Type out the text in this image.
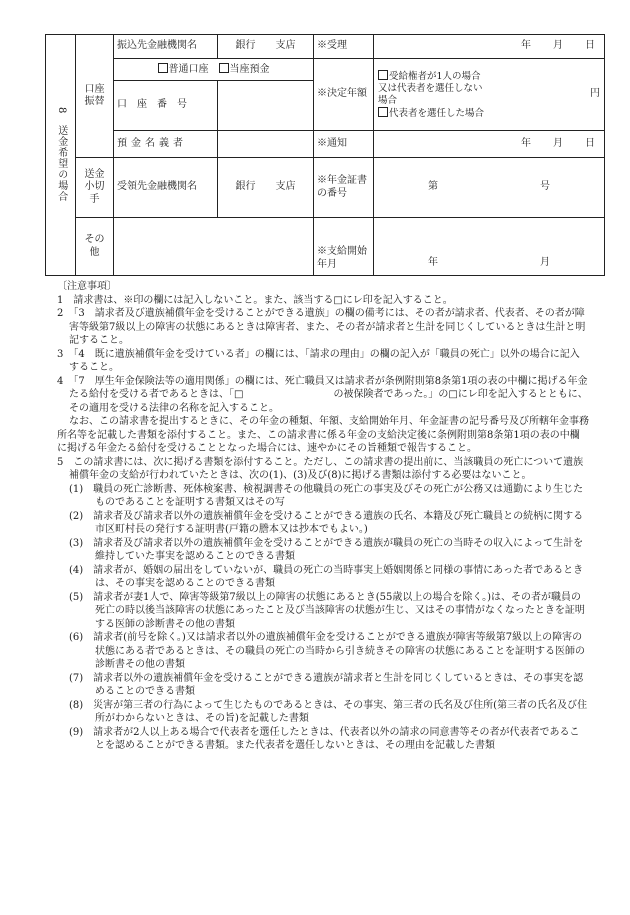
8　送金希望の場合	口座振替	振込先金融機関名	銀行　　支店	※受理	年 月 日

		普通口座　 当座預金		※決定年額	受給権者が1人の場合又は代表者を選任しない場合
代表者を選任した場合
円

		口　座　番　号			
		預金名義者		※通知	年 月 日

	送金小切手	受領先金融機関名	銀行　　支店	※年金証書の番号	第 号

	その他			※支給開始年月	年 月

〔注意事項〕

1　請求書は、※印の欄には記入しないこと。また、該当する□にレ印を記入すること。

2　「3　請求者及び遺族補償年金を受けることができる遺族」の欄の備考には、その者が請求者、代表者、その者が障害等級第7級以上の障害の状態にあるときは障害者、また、その者が請求者と生計を同じくしているときは生計と明記すること。

3　「4　既に遺族補償年金を受けている者」の欄には、「請求の理由」の欄の記入が「職員の死亡」以外の場合に記入すること。

4　「7　厚生年金保険法等の適用関係」の欄には、死亡職員又は請求者が条例附則第8条第1項の表の中欄に掲げる年金たる給付を受ける者であるときは、「□　　　　　　　　　の被保険者であった。」の□にレ印を記入するとともに、その適用を受ける法律の名称を記入すること。

なお、この請求書を提出するときに、その年金の種類、年額、支給開始年月、年金証書の記号番号及び所轄年金事務所名等を記載した書類を添付すること。また、この請求書に係る年金の支給決定後に条例附則第8条第1項の表の中欄に掲げる年金たる給付を受けることとなった場合には、速やかにその旨種類で報告すること。

5　この請求書には、次に掲げる書類を添付すること。ただし、この請求書の提出前に、当該職員の死亡について遺族補償年金の支給が行われていたときは、次の(1)、(3)及び(8)に掲げる書類は添付する必要はないこと。

(1)　職員の死亡診断書、死体検案書、検視調書その他職員の死亡の事実及びその死亡が公務又は通勤により生じたものであることを証明する書類又はその写

(2)　請求者及び請求者以外の遺族補償年金を受けることができる遺族の氏名、本籍及び死亡職員との続柄に関する市区町村長の発行する証明書(戸籍の謄本又は抄本でもよい。)

(3)　請求者及び請求者以外の遺族補償年金を受けることができる遺族が職員の死亡の当時その収入によって生計を維持していた事実を認めることのできる書類

(4)　請求者が、婚姻の届出をしていないが、職員の死亡の当時事実上婚姻関係と同様の事情にあった者であるときは、その事実を認めることのできる書類

(5)　請求者が妻1人で、障害等級第7級以上の障害の状態にあるとき(55歳以上の場合を除く。)は、その者が職員の死亡の時以後当該障害の状態にあったこと及び当該障害の状態が生じ、又はその事情がなくなったときを証明する医師の診断書その他の書類

(6)　請求者(前号を除く。)又は請求者以外の遺族補償年金を受けることができる遺族が障害等級第7級以上の障害の状態にある者であるときは、その職員の死亡の当時から引き続きその障害の状態にあることを証明する医師の診断書その他の書類

(7)　請求者以外の遺族補償年金を受けることができる遺族が請求者と生計を同じくしているときは、その事実を認めることのできる書類

(8)　災害が第三者の行為によって生じたものであるときは、その事実、第三者の氏名及び住所(第三者の氏名及び住所がわからないときは、その旨)を記載した書類

(9)　請求者が2人以上ある場合で代表者を選任したときは、代表者以外の請求の同意書等その者が代表者であることを認めることができる書類。また代表者を選任しないときは、その理由を記載した書類
